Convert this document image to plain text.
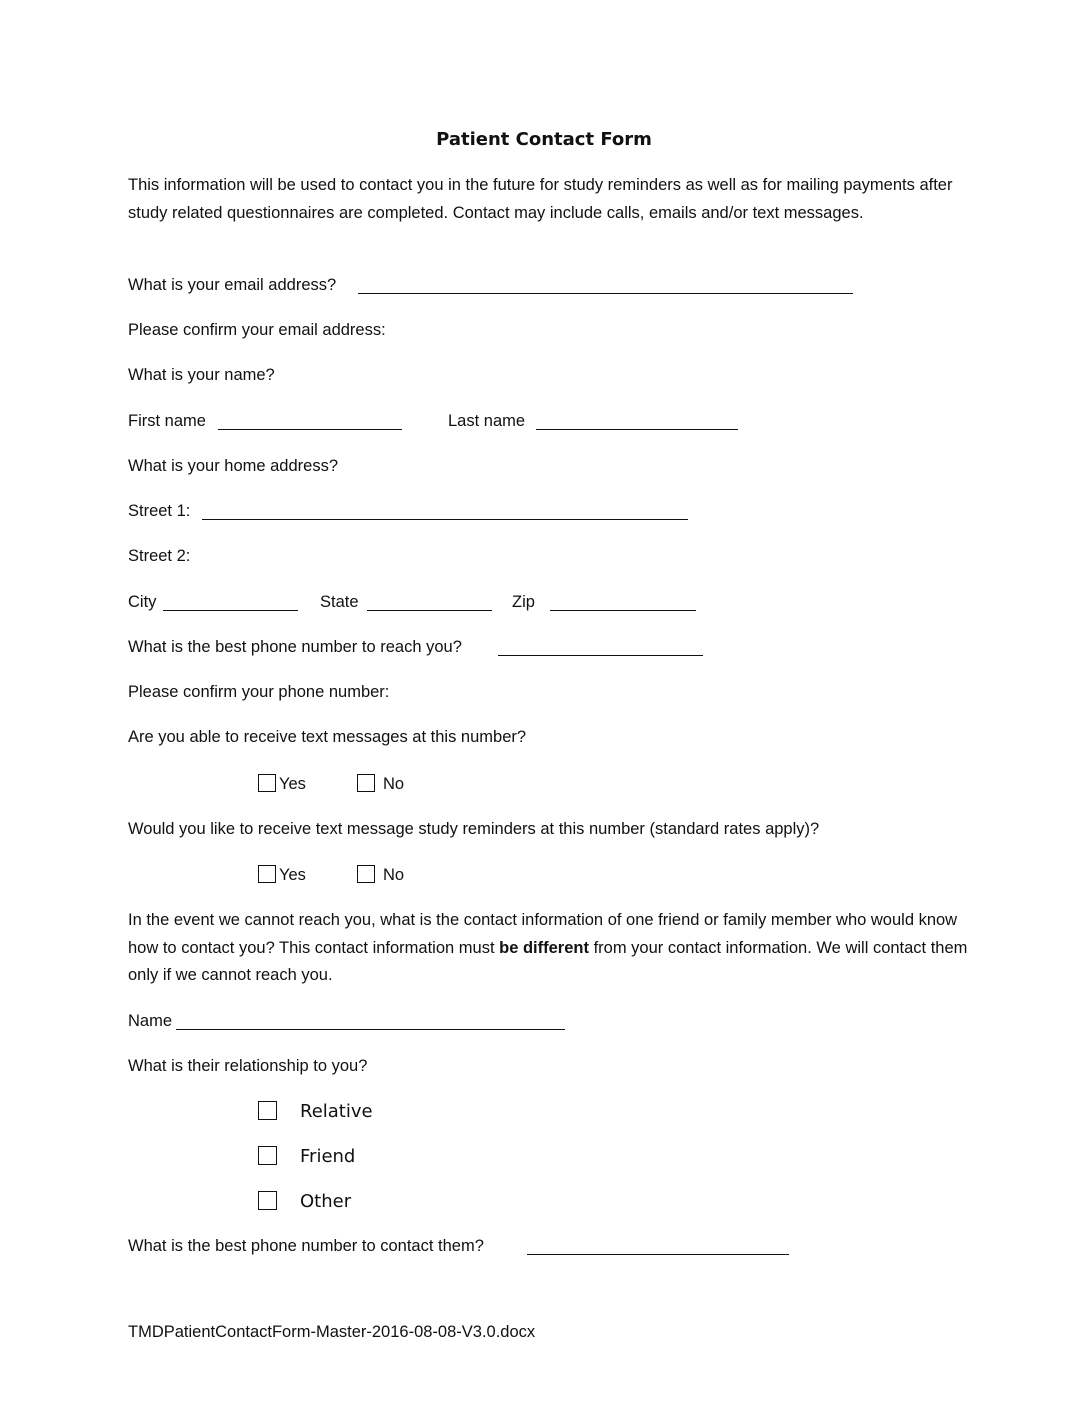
Patient Contact Form
This information will be used to contact you in the future for study reminders as well as for mailing payments after study related questionnaires are completed. Contact may include calls, emails and/or text messages.
What is your email address?
Please confirm your email address:
What is your name?
First name	Last name
What is your home address?
Street 1:
Street 2:
City	State	Zip
What is the best phone number to reach you?
Please confirm your phone number:
Are you able to receive text messages at this number?
Yes	No
Would you like to receive text message study reminders at this number (standard rates apply)?
Yes	No
In the event we cannot reach you, what is the contact information of one friend or family member who would know how to contact you? This contact information must be different from your contact information. We will contact them only if we cannot reach you.
Name
What is their relationship to you?
Relative
Friend
Other
What is the best phone number to contact them?
TMDPatientContactForm-Master-2016-08-08-V3.0.docx
